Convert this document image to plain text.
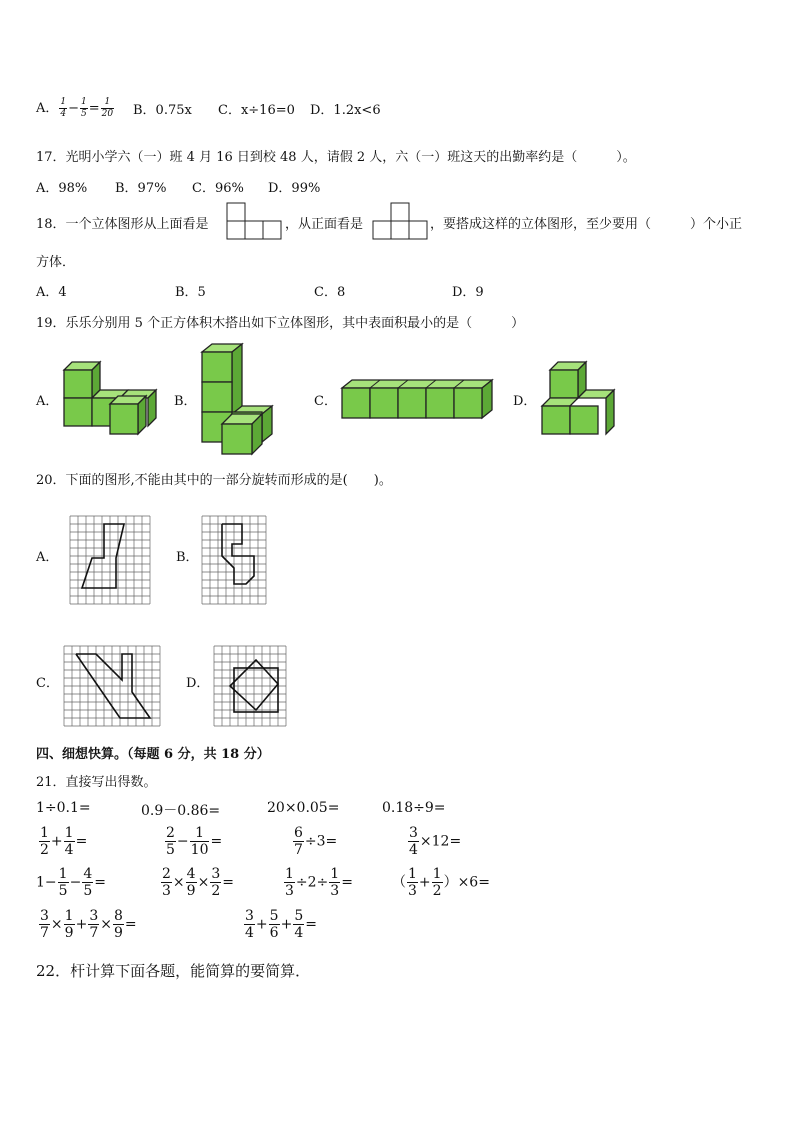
A． $\frac{1}{4} - \frac{1}{5} = \frac{1}{20}$ B．0.75x C．x÷16=0 D．1.2x<6
17．光明小学六（一）班 4 月 16 日到校 48 人，请假 2 人，六（一）班这天的出勤率约是（　　　）。
A．98% B．97% C．96% D．99%
18．一个立体图形从上面看是	，从正面看是	，要搭成这样的立体图形，至少要用（　　　）个小正
方体．
A．4	B．5	C．8	D．9
19．乐乐分别用 5 个正方体积木搭出如下立体图形，其中表面积最小的是（　　　）
A．	B．	C．	D．
20．下面的图形,不能由其中的一部分旋转而形成的是(　　)。
A．	B．
C．	D．
四、细想快算。（每题 6 分，共 18 分）
21．直接写出得数。
1÷0.1=	0.9－0.86=	20×0.05=	0.18÷9=
$\frac{1}{2} + \frac{1}{4}$ =	$\frac{2}{5} - \frac{1}{10}$ =	$\frac{6}{7} \div 3=$	$\frac{3}{4} \times 12=$
$1- \frac{1}{5} - \frac{4}{5}$ =	$\frac{2}{3} \times \frac{4}{9} \times \frac{3}{2}$ =	$\frac{1}{3} \div 2\div \frac{1}{3}$ =	（ $\frac{1}{3} + \frac{1}{2} )\times 6=$
$\frac{3}{7} \times \frac{1}{9} + \frac{3}{7} \times \frac{8}{9}$ =	$\frac{3}{4} + \frac{5}{6} + \frac{5}{4}$ =
22．杆计算下面各题，能简算的要简算．
